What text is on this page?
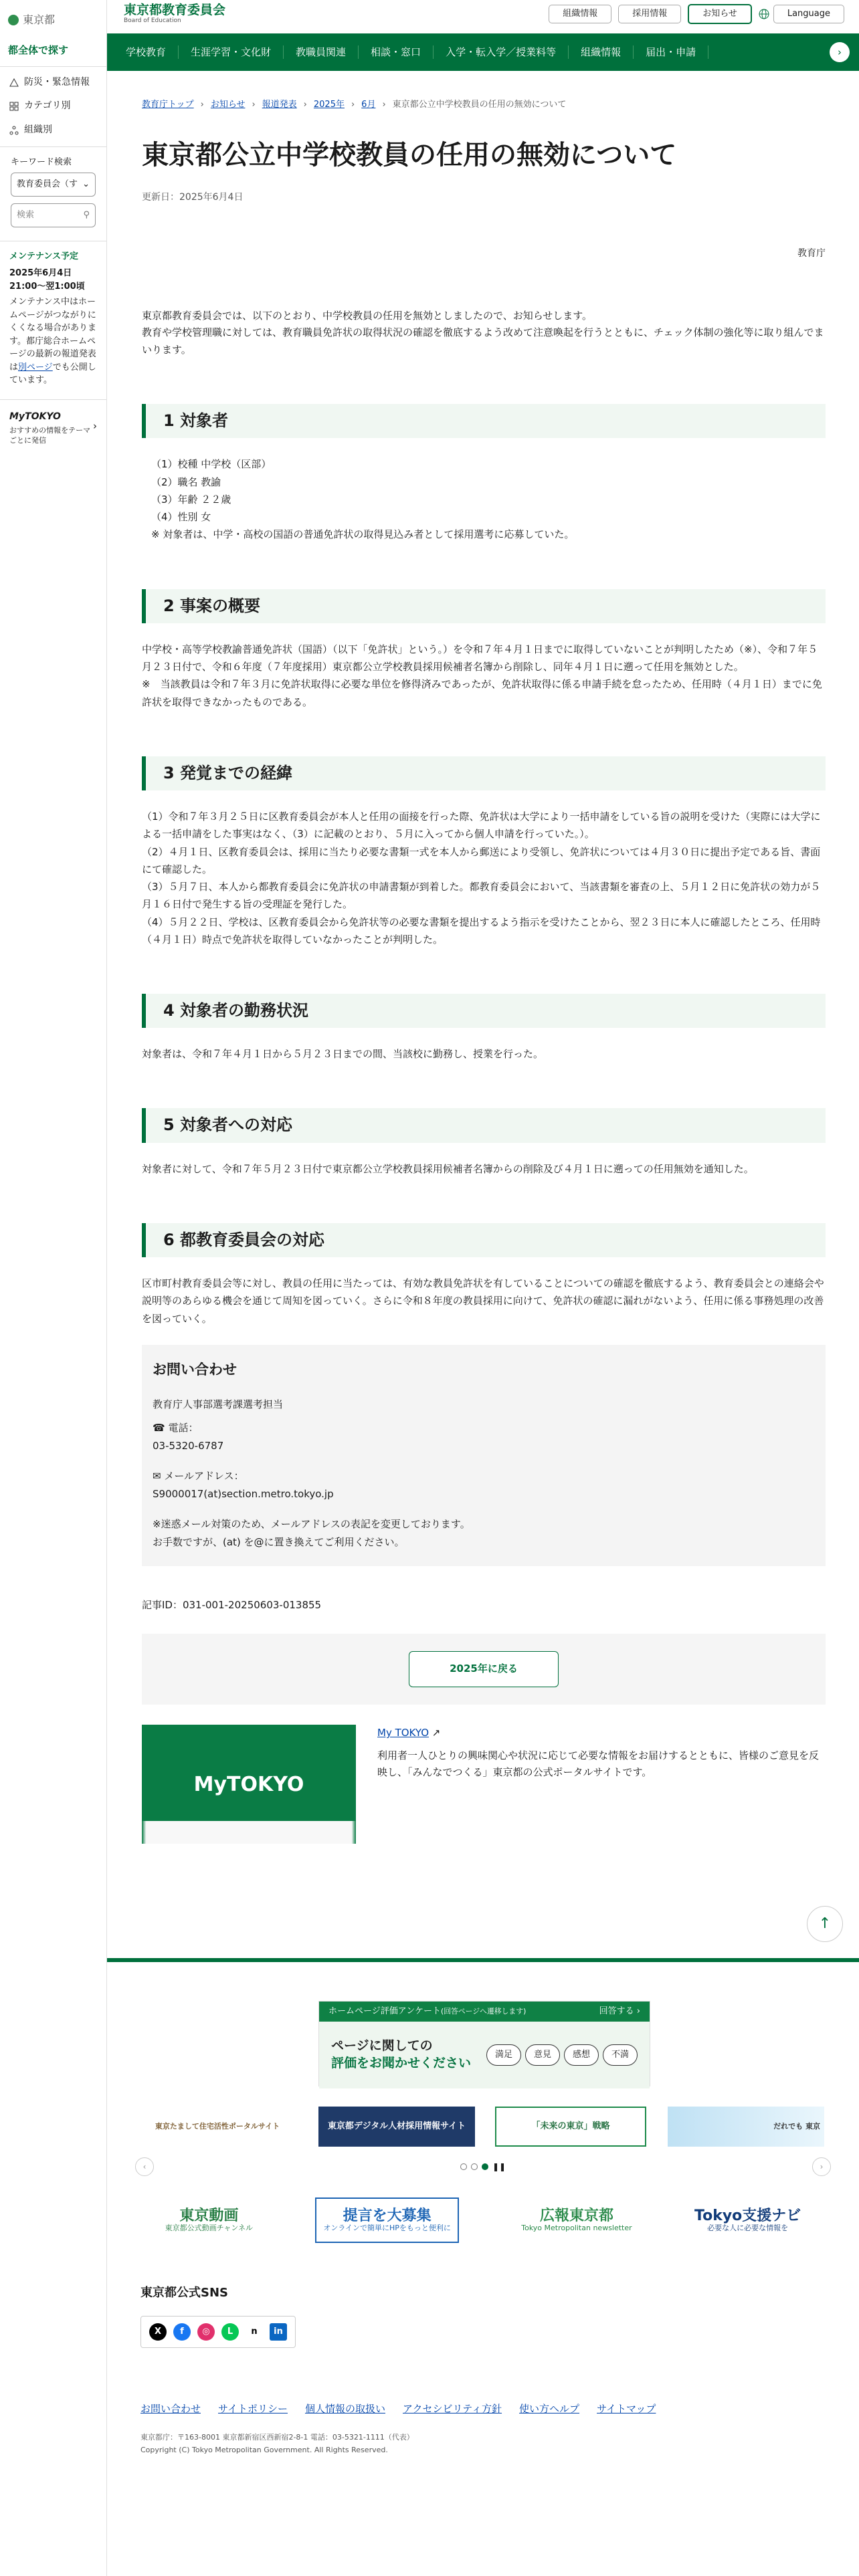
東京都
都全体で探す
防災・緊急情報
カテゴリ別
組織別
キーワード検索
教育委員会（す ⌄
検索	⚲
メンテナンス予定
2025年6月4日 21:00〜翌1:00頃

メンテナンス中はホームページがつながりにくくなる場合があります。都庁総合ホームページの最新の報道発表は別ページでも公開しています。

MyTOKYO
おすすめの情報をテーマごとに発信
›
東京都教育委員会
Board of Education
組織情報	採用情報	お知らせ	Language
学校教育	生涯学習・文化財	教職員関連	相談・窓口	入学・転入学／授業料等	組織情報	届出・申請	›
教育庁トップ › お知らせ › 報道発表 › 2025年 › 6月 › 東京都公立中学校教員の任用の無効について
東京都公立中学校教員の任用の無効について
更新日：2025年6月4日
教育庁

東京都教育委員会では、以下のとおり、中学校教員の任用を無効としましたので、お知らせします。
教育や学校管理職に対しては、教育職員免許状の取得状況の確認を徹底するよう改めて注意喚起を行うとともに、チェック体制の強化等に取り組んでまいります。

1 対象者

（1）校種 中学校（区部）
（2）職名 教諭
（3）年齢 ２２歳
（4）性別 女
※ 対象者は、中学・高校の国語の普通免許状の取得見込み者として採用選考に応募していた。

2 事案の概要

中学校・高等学校教諭普通免許状（国語）（以下「免許状」という。）を令和７年４月１日までに取得していないことが判明したため（※）、令和７年５月２３日付で、令和６年度（７年度採用）東京都公立学校教員採用候補者名簿から削除し、同年４月１日に遡って任用を無効とした。
※　当該教員は令和７年３月に免許状取得に必要な単位を修得済みであったが、免許状取得に係る申請手続を怠ったため、任用時（４月１日）までに免許状を取得できなかったものである。

3 発覚までの経緯

（1）令和７年３月２５日に区教育委員会が本人と任用の面接を行った際、免許状は大学により一括申請をしている旨の説明を受けた（実際には大学による一括申請をした事実はなく、（3）に記載のとおり、５月に入ってから個人申請を行っていた。）。
（2）４月１日、区教育委員会は、採用に当たり必要な書類一式を本人から郵送により受領し、免許状については４月３０日に提出予定である旨、書面にて確認した。
（3）５月７日、本人から都教育委員会に免許状の申請書類が到着した。都教育委員会において、当該書類を審査の上、５月１２日に免許状の効力が５月１６日付で発生する旨の受理証を発行した。
（4）５月２２日、学校は、区教育委員会から免許状等の必要な書類を提出するよう指示を受けたことから、翌２３日に本人に確認したところ、任用時（４月１日）時点で免許状を取得していなかったことが判明した。

4 対象者の勤務状況

対象者は、令和７年４月１日から５月２３日までの間、当該校に勤務し、授業を行った。

5 対象者への対応

対象者に対して、令和７年５月２３日付で東京都公立学校教員採用候補者名簿からの削除及び４月１日に遡っての任用無効を通知した。

6 都教育委員会の対応

区市町村教育委員会等に対し、教員の任用に当たっては、有効な教員免許状を有していることについての確認を徹底するよう、教育委員会との連絡会や説明等のあらゆる機会を通じて周知を図っていく。さらに令和８年度の教員採用に向けて、免許状の確認に漏れがないよう、任用に係る事務処理の改善を図っていく。

お問い合わせ

教育庁人事部選考課選考担当

☎ 電話：

03-5320-6787

✉ メールアドレス：

S9000017(at)section.metro.tokyo.jp

※迷惑メール対策のため、メールアドレスの表記を変更しております。
お手数ですが、(at) を@に置き換えてご利用ください。

記事ID：031-001-20250603-013855
2025年に戻る
MyTOKYO
My TOKYO ↗

利用者一人ひとりの興味関心や状況に応じて必要な情報をお届けするとともに、皆様のご意見を反映し、「みんなでつくる」東京都の公式ポータルサイトです。

↑
ホームページ評価アンケート(回答ページへ遷移します)	回答する ›
ページに関しての
評価をお聞かせください
満足	意見	感想	不満
東京たまして住宅活性ポータルサイト	東京都デジタル人材採用情報サイト	「未来の東京」戦略	だれでも 東京
‹	❚❚	›
東京動画
東京都公式動画チャンネル
提言を大募集
オンラインで簡単にHPをもっと便利に
広報東京都
Tokyo Metropolitan newsletter
Tokyo支援ナビ
必要な人に必要な情報を
東京都公式SNS
X	f	◎	L	n	in
お問い合わせ サイトポリシー 個人情報の取扱い アクセシビリティ方針 使い方ヘルプ サイトマップ
東京都庁：〒163-8001 東京都新宿区西新宿2-8-1 電話：03-5321-1111（代表）
Copyright (C) Tokyo Metropolitan Government. All Rights Reserved.
